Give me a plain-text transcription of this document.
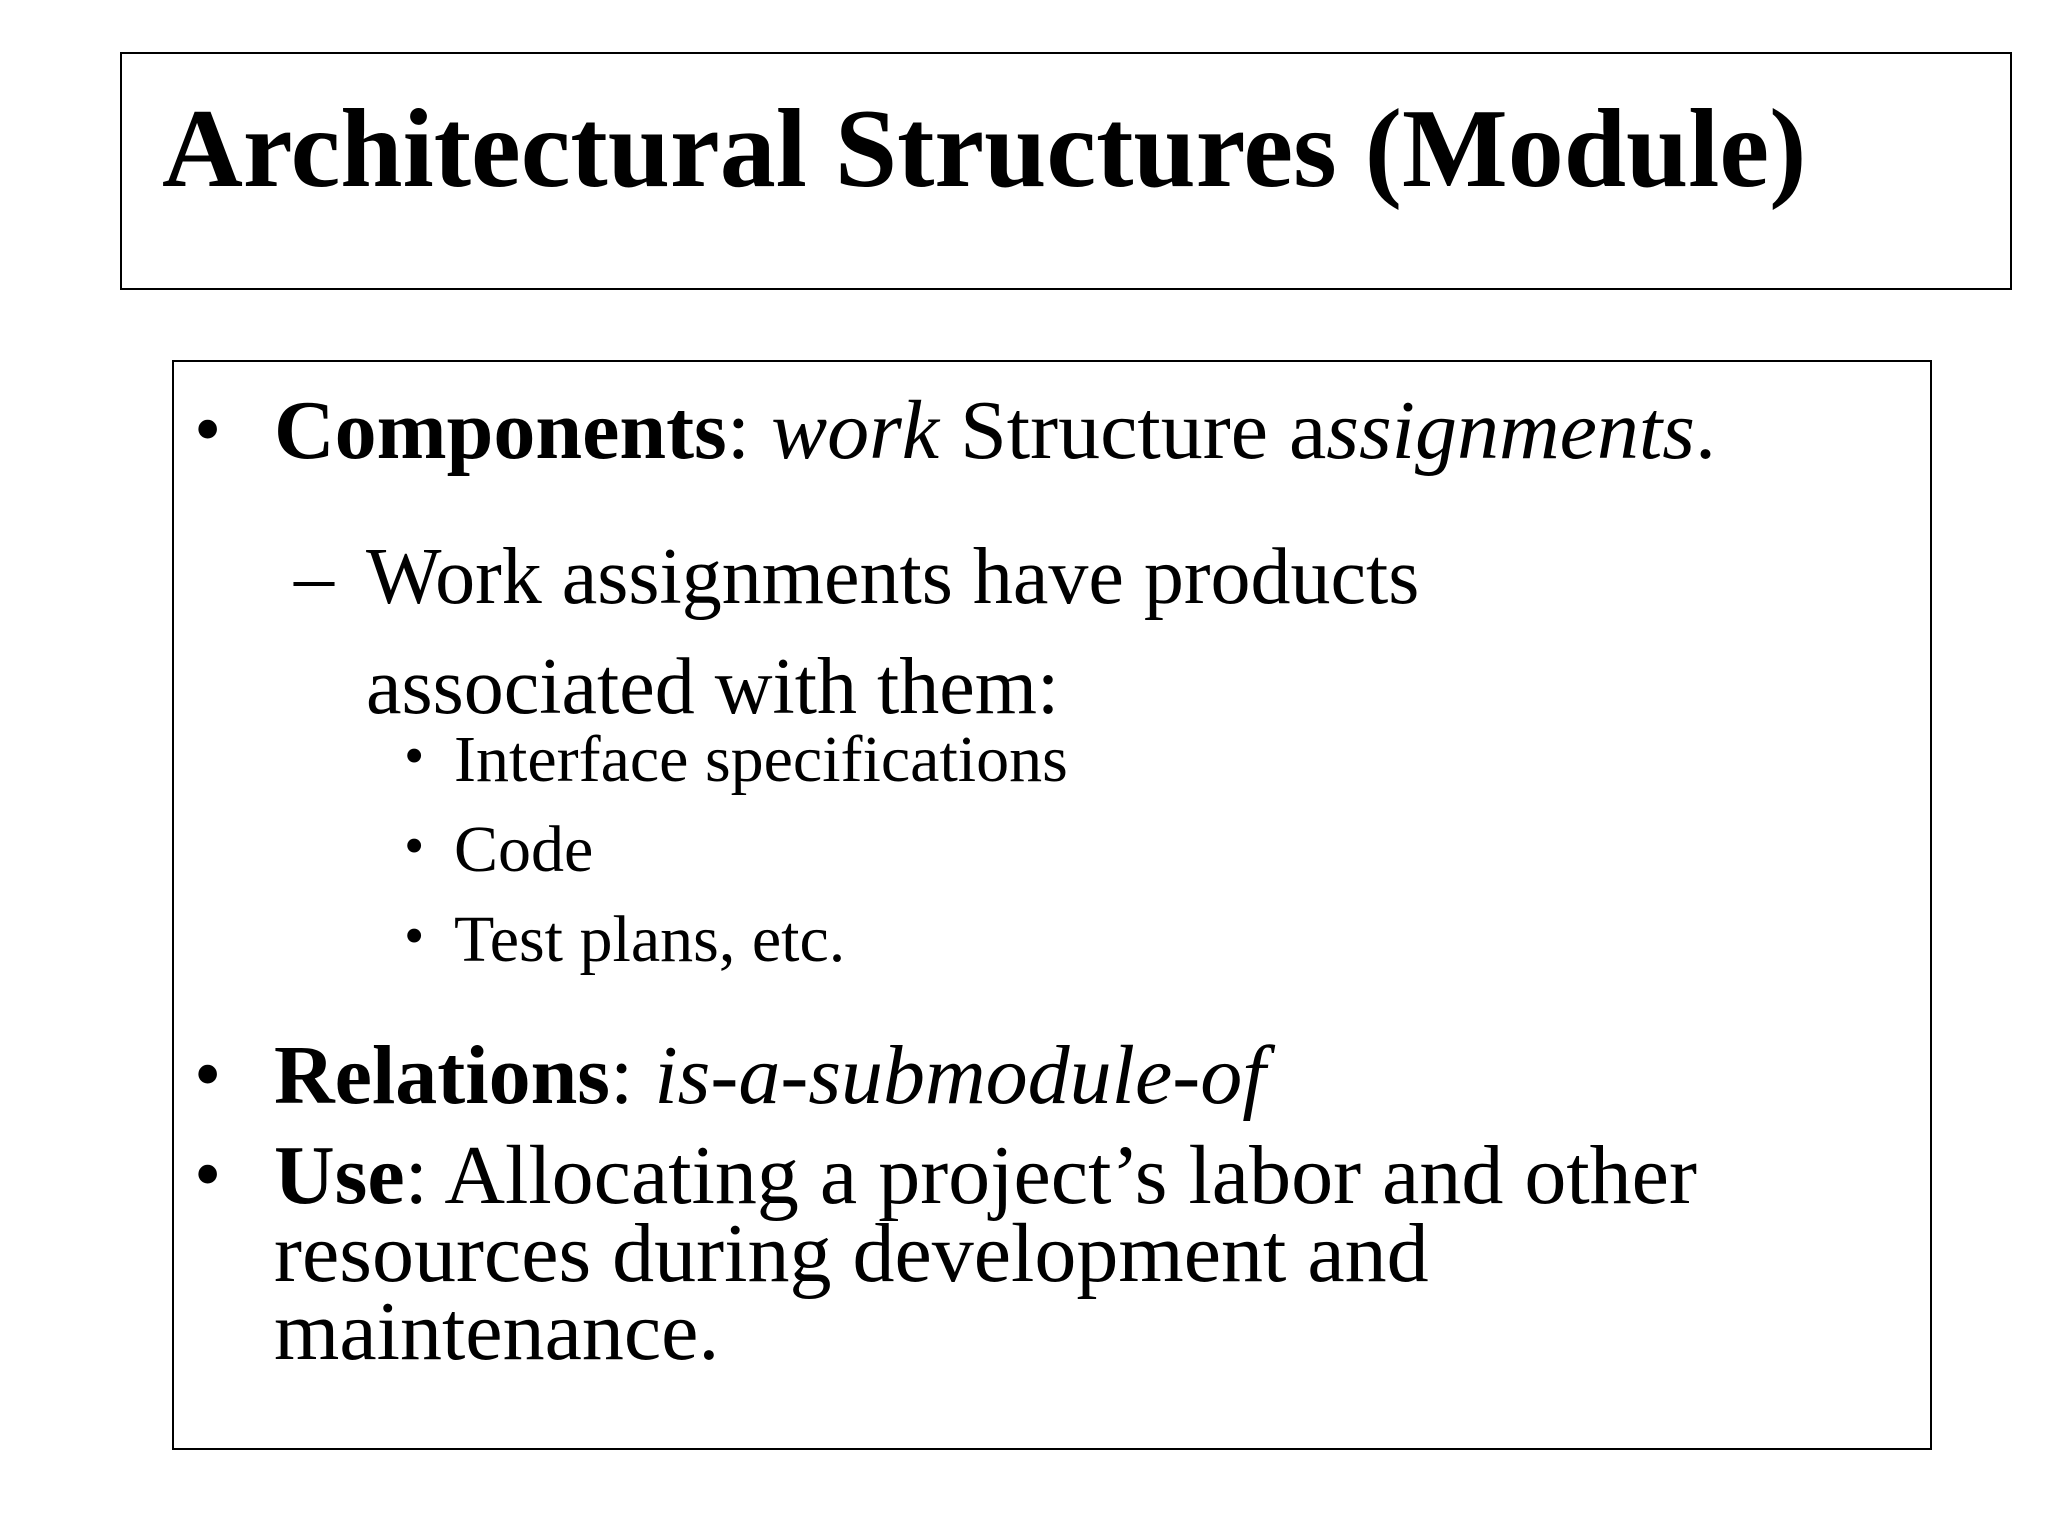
Architectural Structures (Module)
• Components: work Structure assignments.
– Work assignments have products associated with them:
• Interface specifications
• Code
• Test plans, etc.
• Relations: is-a-submodule-of
• Use: Allocating a project’s labor and other resources during development and maintenance.
